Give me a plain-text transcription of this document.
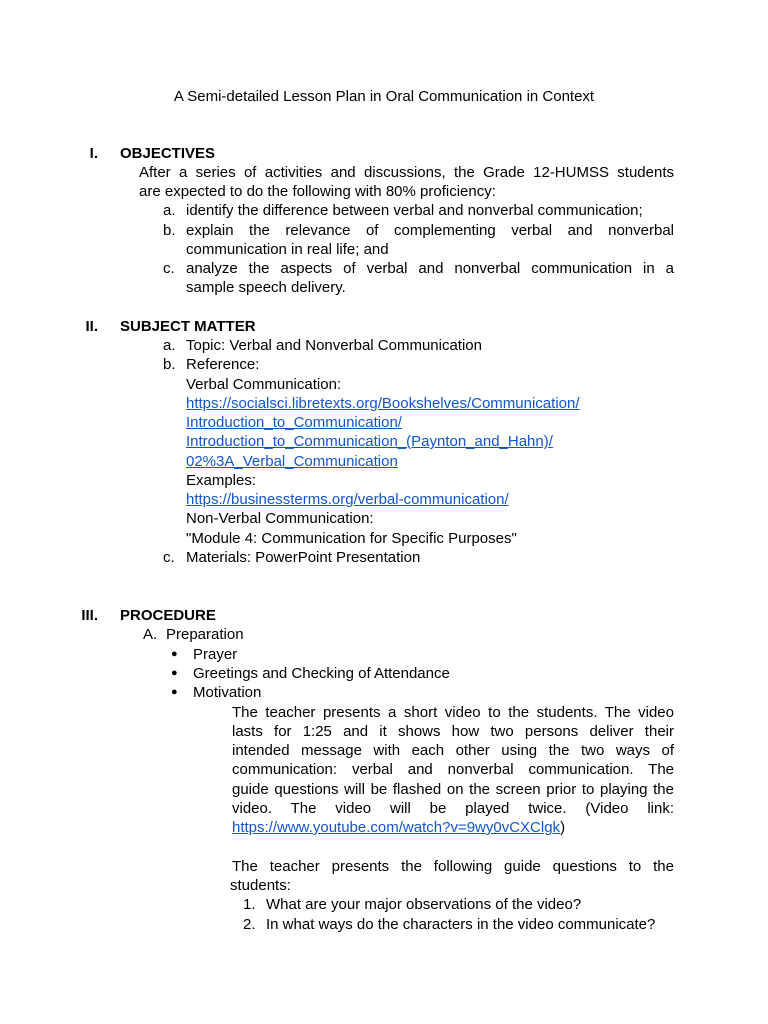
A Semi-detailed Lesson Plan in Oral Communication in Context
I. OBJECTIVES
After a series of activities and discussions, the Grade 12-HUMSS students
are expected to do the following with 80% proficiency:
a. identify the difference between verbal and nonverbal communication;
b. explain the relevance of complementing verbal and nonverbal
communication in real life; and
c. analyze the aspects of verbal and nonverbal communication in a
sample speech delivery.
II. SUBJECT MATTER
a. Topic: Verbal and Nonverbal Communication
b. Reference:
Verbal Communication:
https://socialsci.libretexts.org/Bookshelves/Communication/
Introduction_to_Communication/
Introduction_to_Communication_(Paynton_and_Hahn)/
02%3A_Verbal_Communication
Examples:
https://businessterms.org/verbal-communication/
Non-Verbal Communication:
"Module 4: Communication for Specific Purposes"
c. Materials: PowerPoint Presentation
III. PROCEDURE
A. Preparation
● Prayer
● Greetings and Checking of Attendance
● Motivation
The teacher presents a short video to the students. The video
lasts for 1:25 and it shows how two persons deliver their
intended message with each other using the two ways of
communication: verbal and nonverbal communication. The
guide questions will be flashed on the screen prior to playing the
video. The video will be played twice. (Video link:
https://www.youtube.com/watch?v=9wy0vCXClgk)
The teacher presents the following guide questions to the
students:
1. What are your major observations of the video?
2. In what ways do the characters in the video communicate?
